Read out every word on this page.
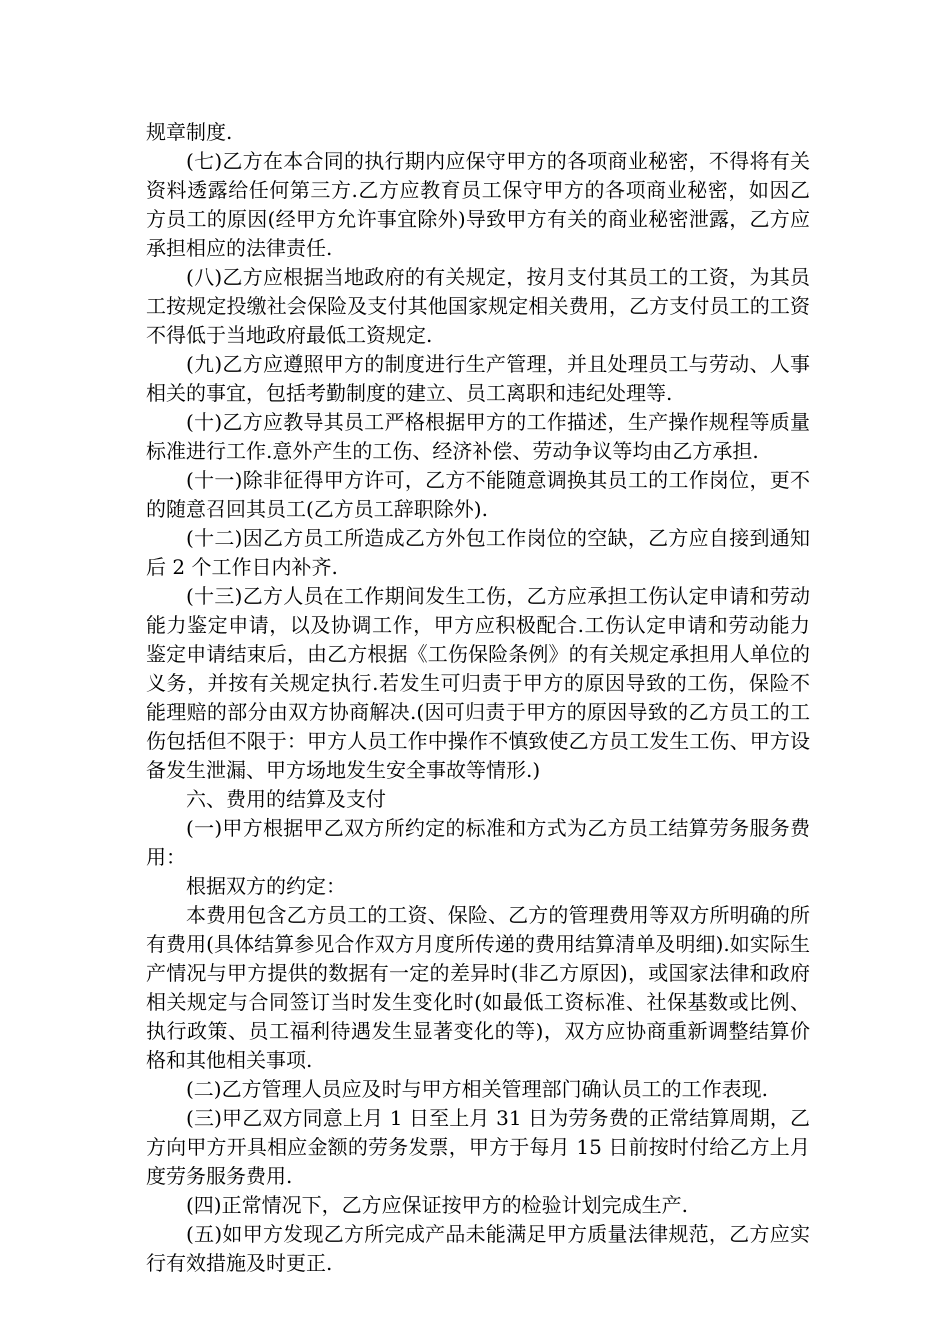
规章制度.

(七)乙方在本合同的执行期内应保守甲方的各项商业秘密，不得将有关资料透露给任何第三方.乙方应教育员工保守甲方的各项商业秘密，如因乙方员工的原因(经甲方允许事宜除外)导致甲方有关的商业秘密泄露，乙方应承担相应的法律责任.

(八)乙方应根据当地政府的有关规定，按月支付其员工的工资，为其员工按规定投缴社会保险及支付其他国家规定相关费用，乙方支付员工的工资不得低于当地政府最低工资规定.

(九)乙方应遵照甲方的制度进行生产管理，并且处理员工与劳动、人事相关的事宜，包括考勤制度的建立、员工离职和违纪处理等.

(十)乙方应教导其员工严格根据甲方的工作描述，生产操作规程等质量标准进行工作.意外产生的工伤、经济补偿、劳动争议等均由乙方承担.

(十一)除非征得甲方许可，乙方不能随意调换其员工的工作岗位，更不的随意召回其员工(乙方员工辞职除外).

(十二)因乙方员工所造成乙方外包工作岗位的空缺，乙方应自接到通知后 2 个工作日内补齐.

(十三)乙方人员在工作期间发生工伤，乙方应承担工伤认定申请和劳动能力鉴定申请，以及协调工作，甲方应积极配合.工伤认定申请和劳动能力鉴定申请结束后，由乙方根据《工伤保险条例》的有关规定承担用人单位的义务，并按有关规定执行.若发生可归责于甲方的原因导致的工伤，保险不能理赔的部分由双方协商解决.(因可归责于甲方的原因导致的乙方员工的工伤包括但不限于：甲方人员工作中操作不慎致使乙方员工发生工伤、甲方设备发生泄漏、甲方场地发生安全事故等情形.)

六、费用的结算及支付

(一)甲方根据甲乙双方所约定的标准和方式为乙方员工结算劳务服务费用：

根据双方的约定：

本费用包含乙方员工的工资、保险、乙方的管理费用等双方所明确的所有费用(具体结算参见合作双方月度所传递的费用结算清单及明细).如实际生产情况与甲方提供的数据有一定的差异时(非乙方原因)，或国家法律和政府相关规定与合同签订当时发生变化时(如最低工资标准、社保基数或比例、执行政策、员工福利待遇发生显著变化的等)，双方应协商重新调整结算价格和其他相关事项.

(二)乙方管理人员应及时与甲方相关管理部门确认员工的工作表现.

(三)甲乙双方同意上月 1 日至上月 31 日为劳务费的正常结算周期，乙方向甲方开具相应金额的劳务发票，甲方于每月 15 日前按时付给乙方上月度劳务服务费用.

(四)正常情况下，乙方应保证按甲方的检验计划完成生产.

(五)如甲方发现乙方所完成产品未能满足甲方质量法律规范，乙方应实行有效措施及时更正.
